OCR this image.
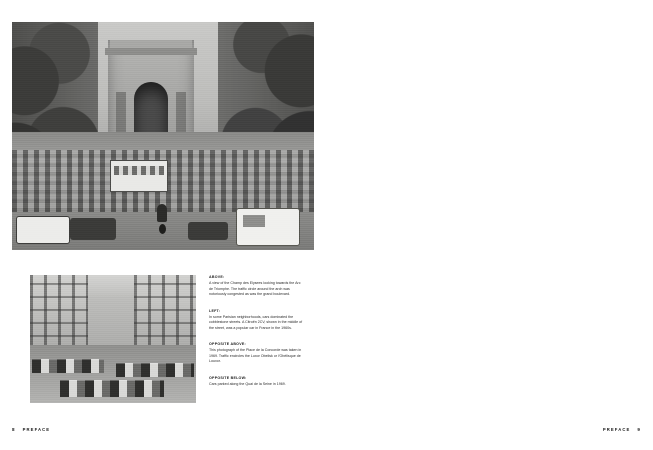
ABOVE:

A view of the Champ des Elysees looking towards the Arc de Triomphe. The traffic circle around the arch was notoriously congested as was the grand boulevard.

LEFT:

In some Parisian neighborhoods, cars dominated the cobblestone streets. A Citroën 2CV, shown in the middle of the street, was a popular car in France in the 1960s.

OPPOSITE ABOVE:

This photograph of the Place de la Concorde was taken in 1969. Traffic encircles the Luxor Obelisk or l'Obélisque de Louxor.

OPPOSITE BELOW:

Cars parked along the Quai de la Seine in 1969.

8 PREFACE	9
PREFACE
